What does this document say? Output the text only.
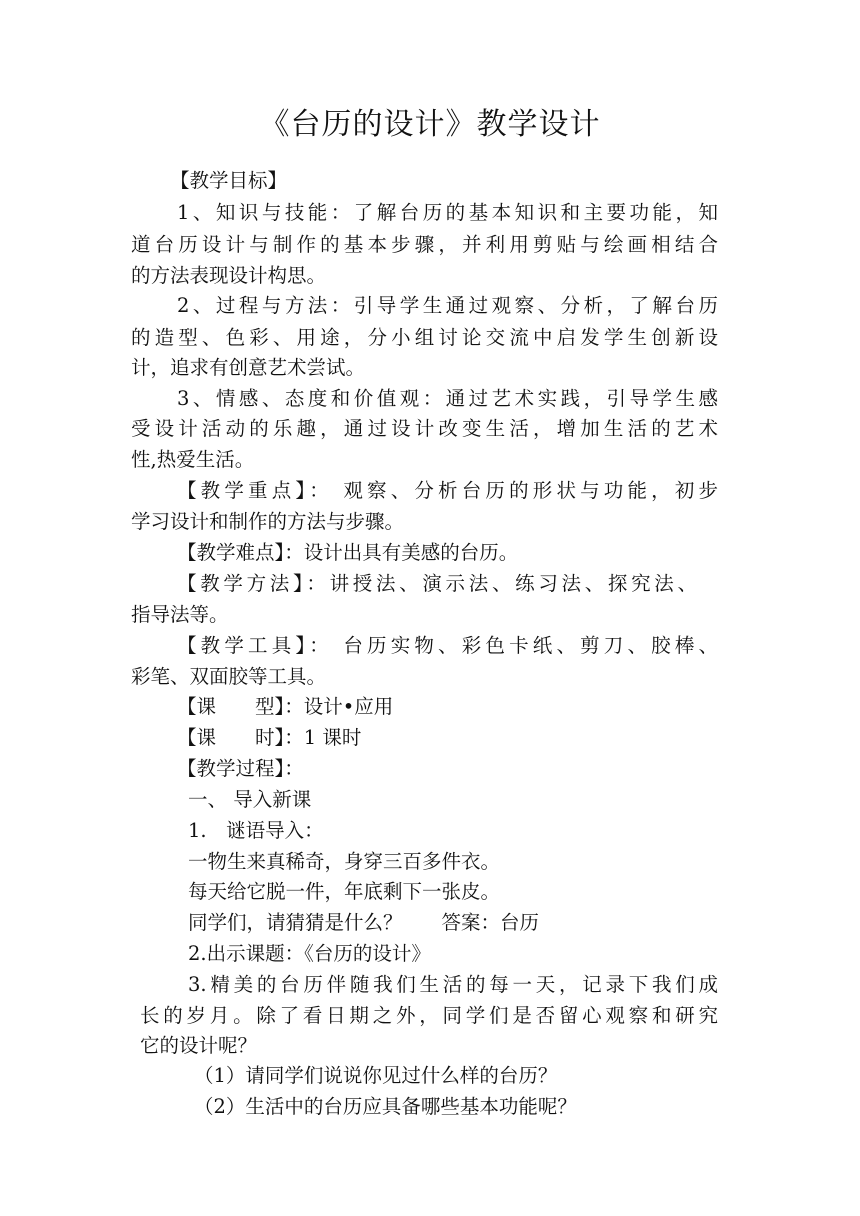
《台历的设计》教学设计
【教学目标】
1、知识与技能：了解台历的基本知识和主要功能，知
道台历设计与制作的基本步骤，并利用剪贴与绘画相结合
的方法表现设计构思。
2、过程与方法：引导学生通过观察、分析，了解台历
的造型、色彩、用途，分小组讨论交流中启发学生创新设
计，追求有创意艺术尝试。
3、情感、态度和价值观：通过艺术实践，引导学生感
受设计活动的乐趣，通过设计改变生活，增加生活的艺术
性,热爱生活。
【教学重点】： 观察、分析台历的形状与功能，初步
学习设计和制作的方法与步骤。
【教学难点】：设计出具有美感的台历。
【教学方法】：讲授法、演示法、练习法、探究法、
指导法等。
【教学工具】： 台历实物、彩色卡纸、剪刀、胶棒、
彩笔、双面胶等工具。
【课　　型】：设计•应用
【课　　时】：1 课时
【教学过程】：
一、 导入新课
1.　谜语导入：
一物生来真稀奇，身穿三百多件衣。
每天给它脱一件，年底剩下一张皮。
同学们，请猜猜是什么？　　答案：台历
2.出示课题：《台历的设计》
3.精美的台历伴随我们生活的每一天，记录下我们成
长的岁月。除了看日期之外，同学们是否留心观察和研究
它的设计呢？
（1）请同学们说说你见过什么样的台历？
（2）生活中的台历应具备哪些基本功能呢？
